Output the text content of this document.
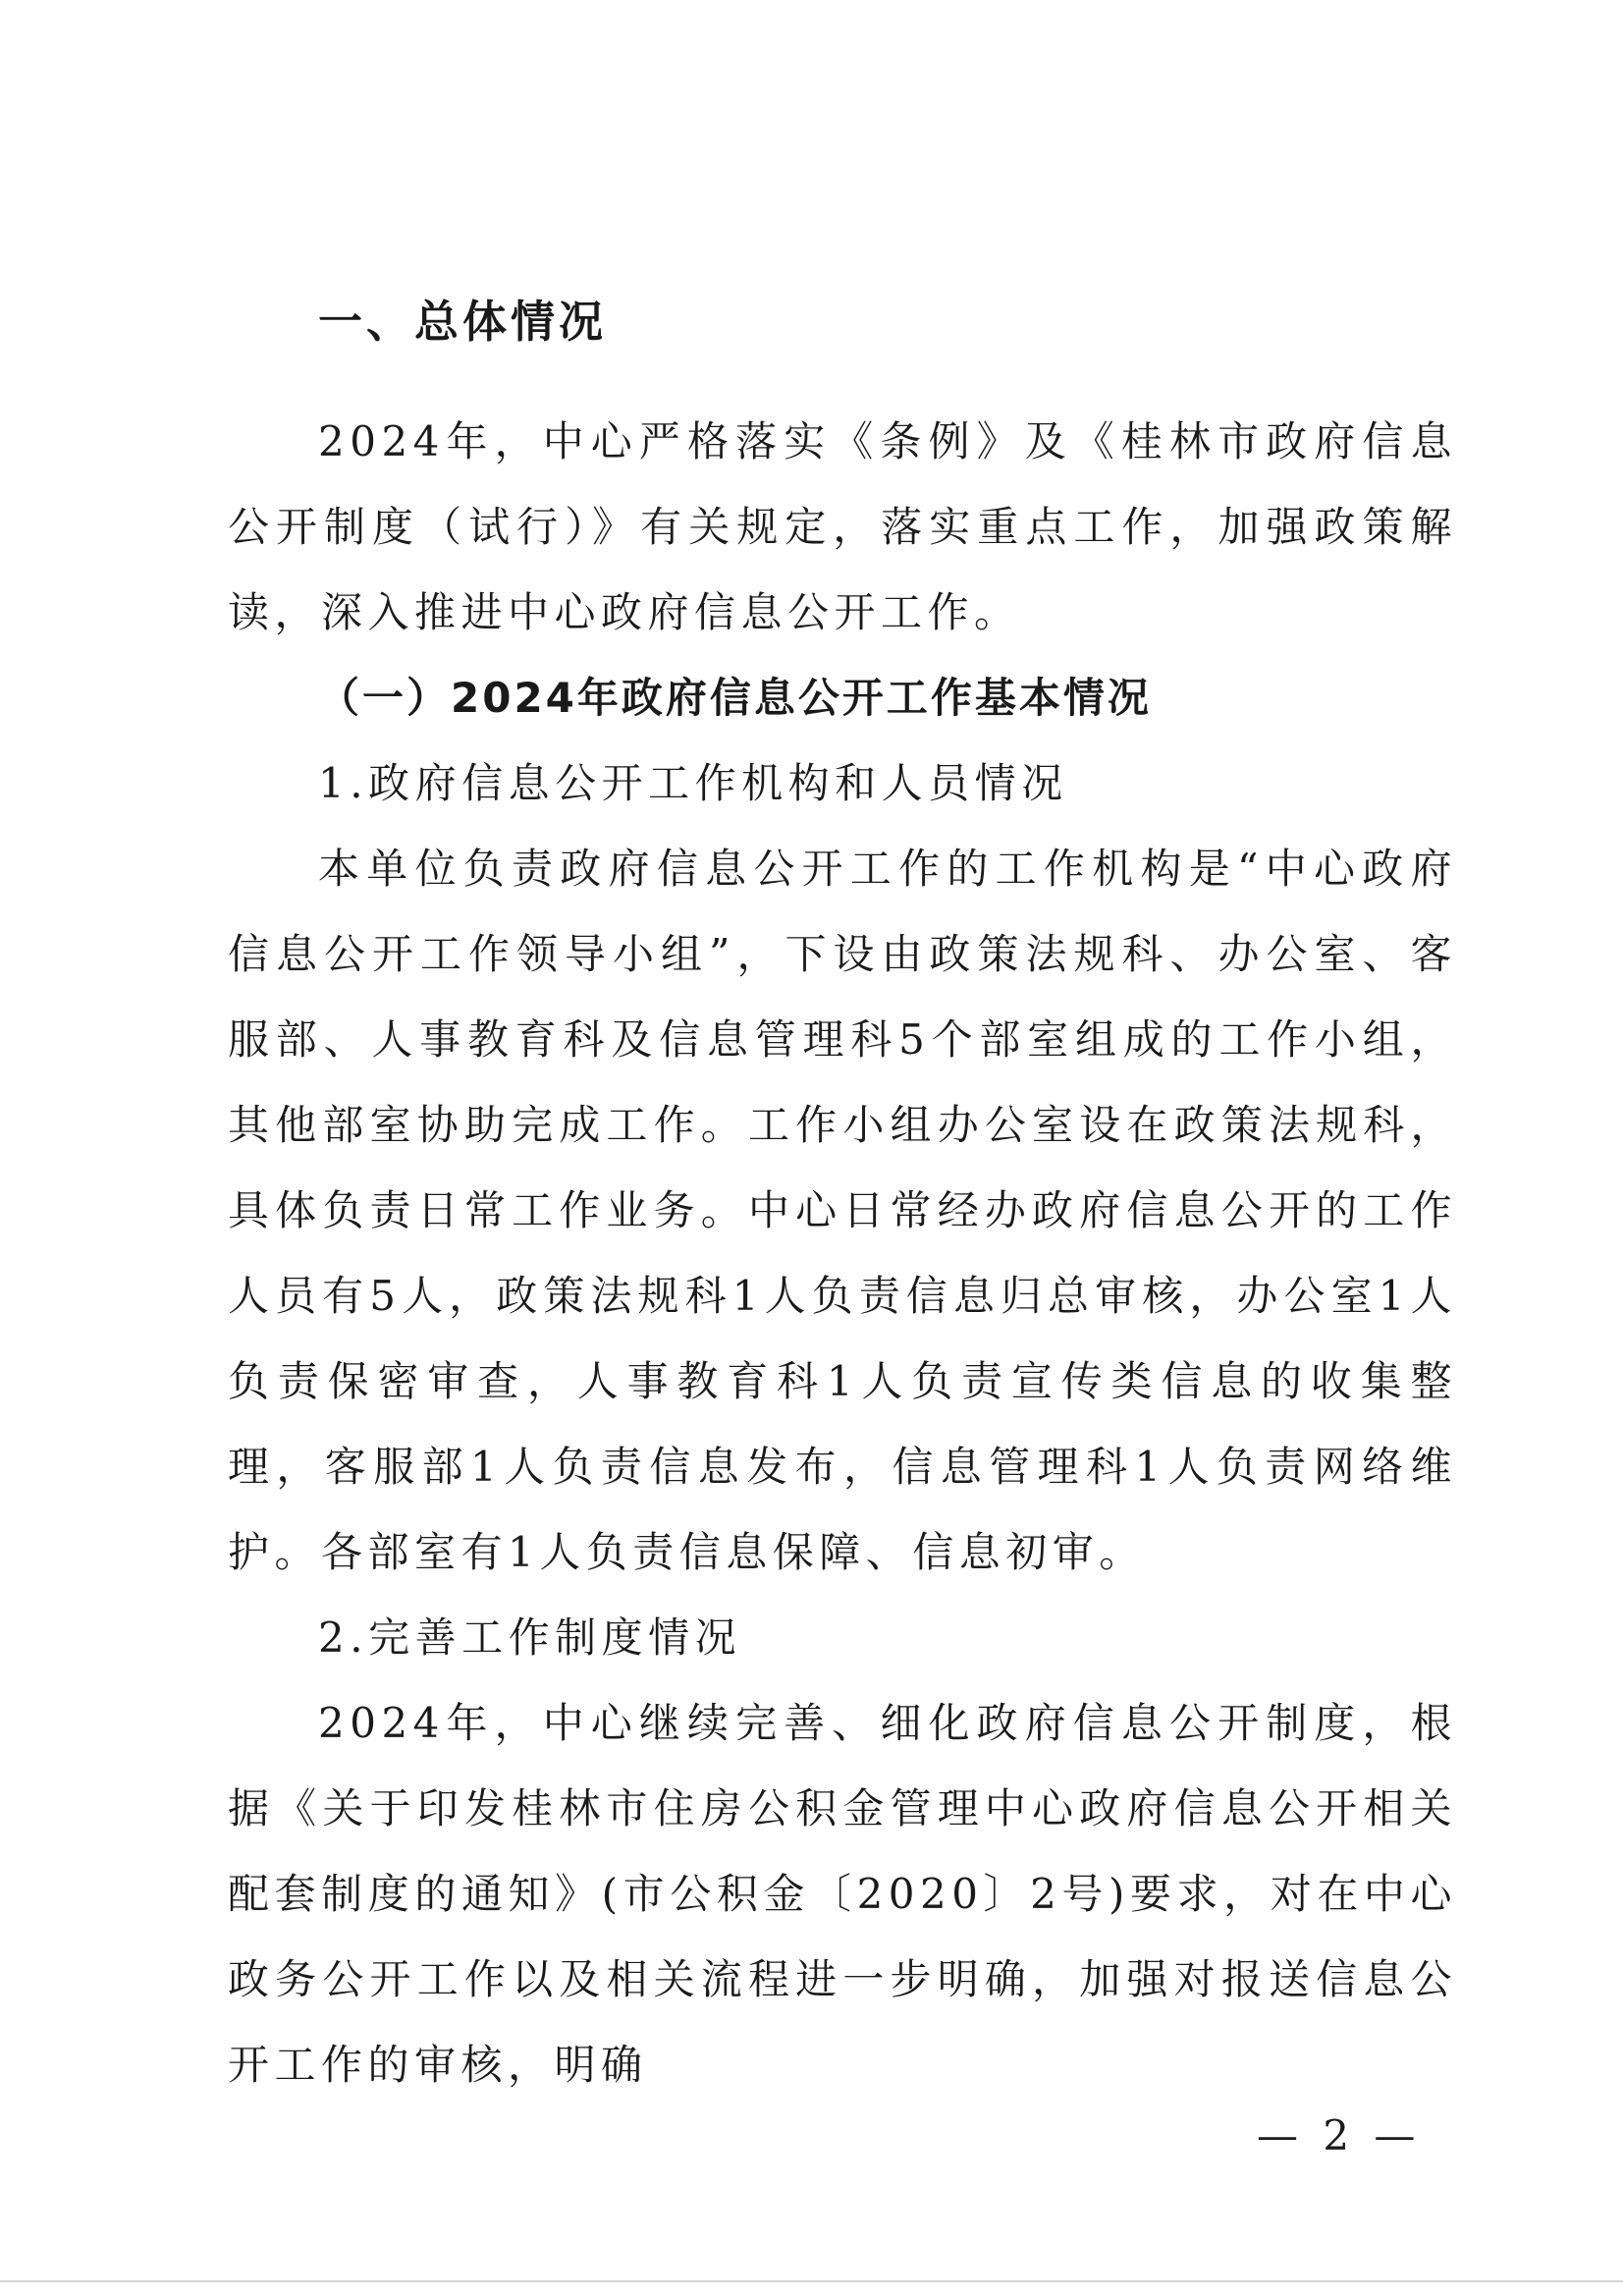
一、总体情况

2024年，中心严格落实《条例》及《桂林市政府信息公开制度（试行）》有关规定，落实重点工作，加强政策解读，深入推进中心政府信息公开工作。

（一）2024年政府信息公开工作基本情况
1.政府信息公开工作机构和人员情况

本单位负责政府信息公开工作的工作机构是“中心政府信息公开工作领导小组”，下设由政策法规科、办公室、客服部、人事教育科及信息管理科5个部室组成的工作小组，其他部室协助完成工作。工作小组办公室设在政策法规科，具体负责日常工作业务。中心日常经办政府信息公开的工作人员有5人，政策法规科1人负责信息归总审核，办公室1人负责保密审查，人事教育科1人负责宣传类信息的收集整理，客服部1人负责信息发布，信息管理科1人负责网络维护。各部室有1人负责信息保障、信息初审。

2.完善工作制度情况

2024年，中心继续完善、细化政府信息公开制度，根据《关于印发桂林市住房公积金管理中心政府信息公开相关配套制度的通知》(市公积金〔2020〕2号)要求，对在中心政务公开工作以及相关流程进一步明确，加强对报送信息公开工作的审核，明确

— 2 —
